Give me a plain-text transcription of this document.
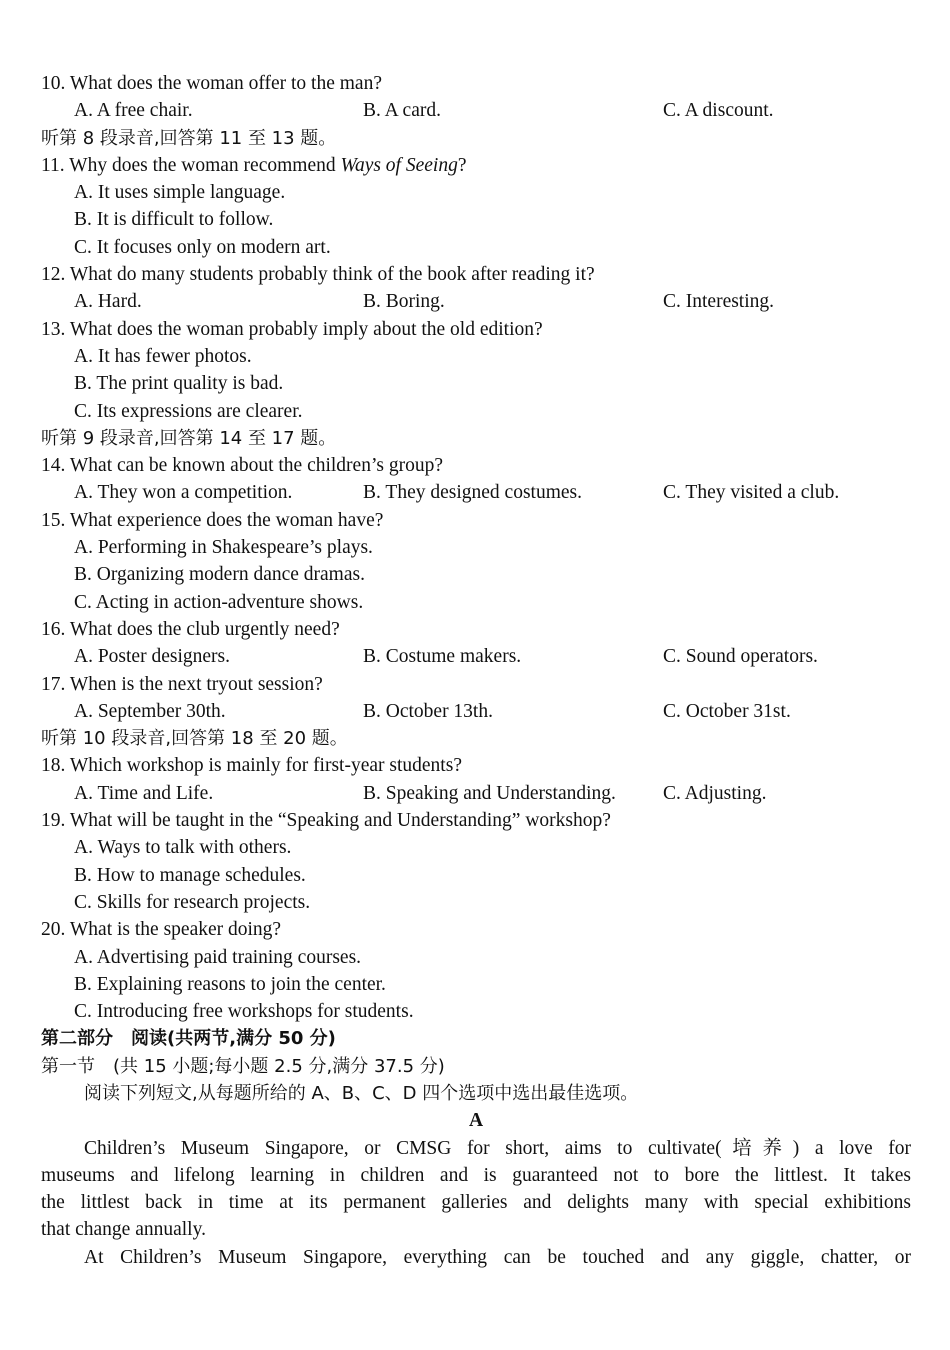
10. What does the woman offer to the man?
A. A free chair.	B. A card.	C. A discount.
听第 8 段录音,回答第 11 至 13 题。
11. Why does the woman recommend Ways of Seeing?
A. It uses simple language.
B. It is difficult to follow.
C. It focuses only on modern art.
12. What do many students probably think of the book after reading it?
A. Hard.	B. Boring.	C. Interesting.
13. What does the woman probably imply about the old edition?
A. It has fewer photos.
B. The print quality is bad.
C. Its expressions are clearer.
听第 9 段录音,回答第 14 至 17 题。
14. What can be known about the children’s group?
A. They won a competition.	B. They designed costumes.	C. They visited a club.
15. What experience does the woman have?
A. Performing in Shakespeare’s plays.
B. Organizing modern dance dramas.
C. Acting in action-adventure shows.
16. What does the club urgently need?
A. Poster designers.	B. Costume makers.	C. Sound operators.
17. When is the next tryout session?
A. September 30th.	B. October 13th.	C. October 31st.
听第 10 段录音,回答第 18 至 20 题。
18. Which workshop is mainly for first-year students?
A. Time and Life.	B. Speaking and Understanding. C. Adjusting.
19. What will be taught in the “Speaking and Understanding” workshop?
A. Ways to talk with others.
B. How to manage schedules.
C. Skills for research projects.
20. What is the speaker doing?
A. Advertising paid training courses.
B. Explaining reasons to join the center.
C. Introducing free workshops for students.
第二部分　阅读(共两节,满分 50 分)
第一节　(共 15 小题;每小题 2.5 分,满分 37.5 分)
阅读下列短文,从每题所给的 A、B、C、D 四个选项中选出最佳选项。
A
Children’s Museum Singapore, or CMSG for short, aims to cultivate(培养) a love for
museums and lifelong learning in children and is guaranteed not to bore the littlest. It takes
the littlest back in time at its permanent galleries and delights many with special exhibitions
that change annually.
At Children’s Museum Singapore, everything can be touched and any giggle, chatter, or
